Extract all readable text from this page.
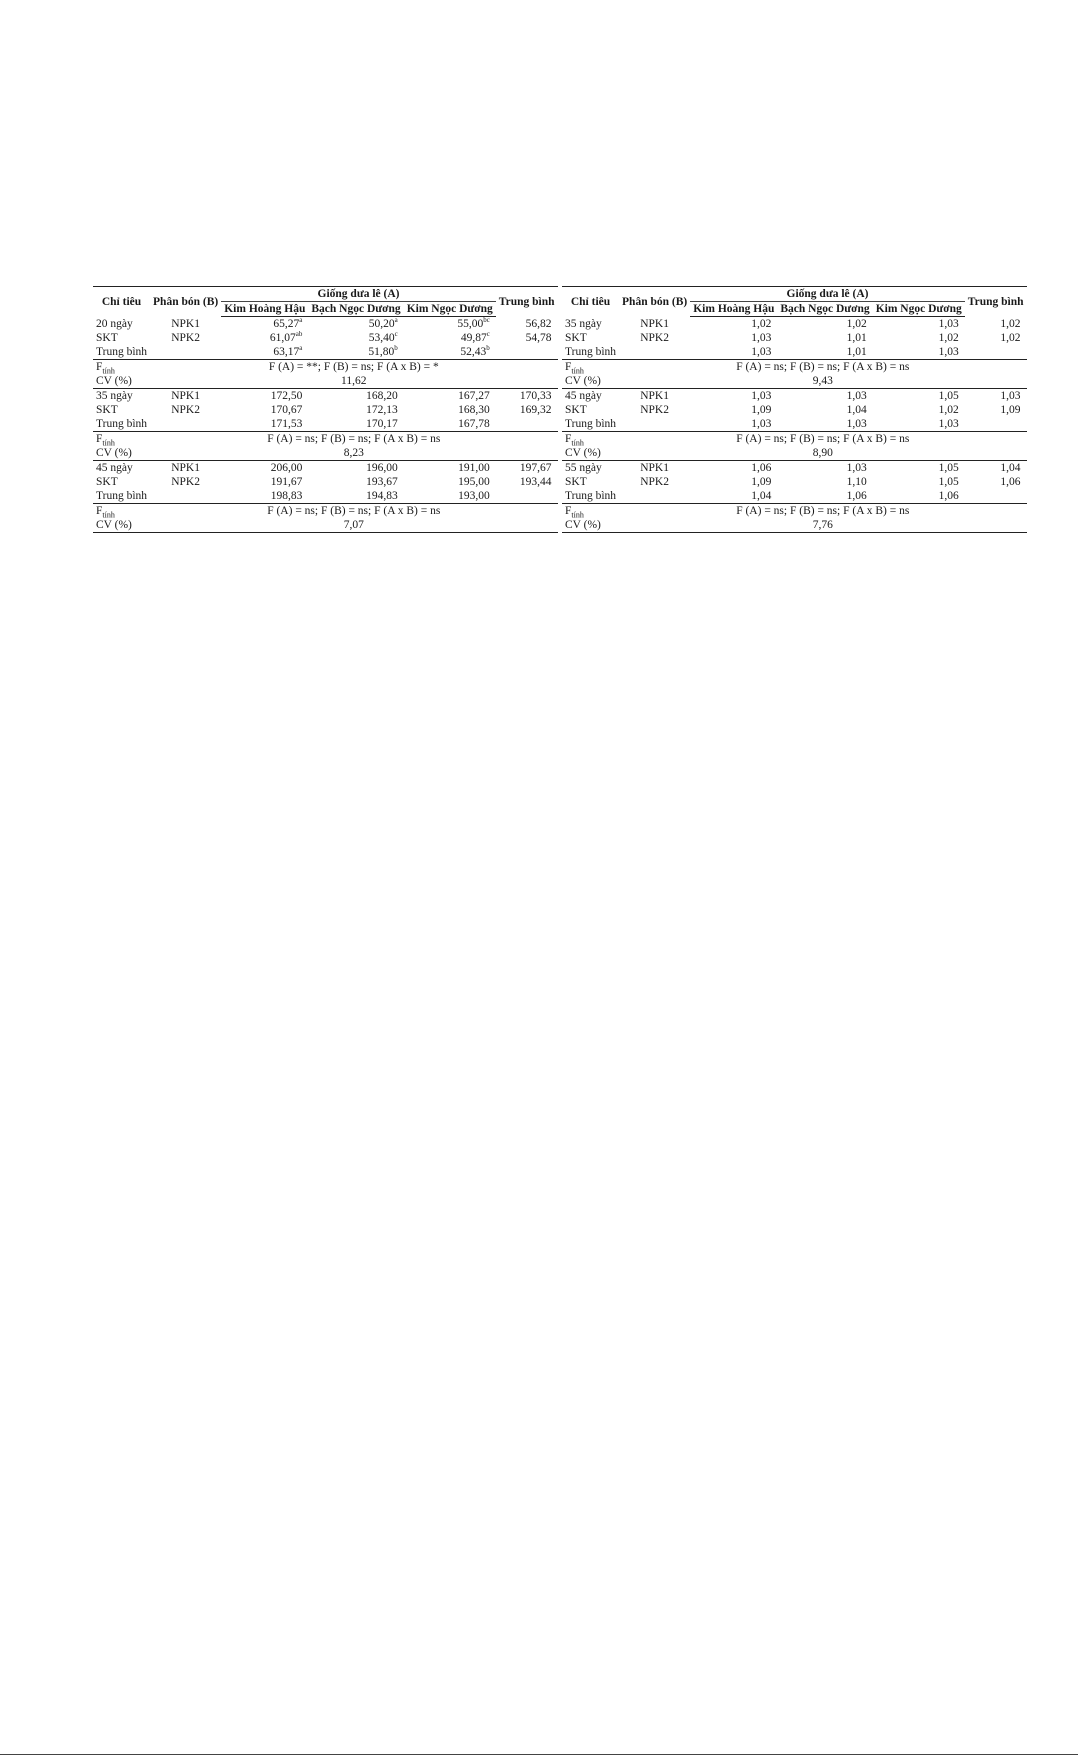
Chỉ tiêu	Phân bón (B)	Giống dưa lê (A)			Trung bình
		Kim Hoàng Hậu	Bạch Ngọc Dương	Kim Ngọc Dương	
20 ngày	NPK1	65,27$^a$	50,20$^a$	55,00$^{bc}$	56,82
SKT	NPK2	61,07$^{ab}$	53,40$^c$	49,87$^c$	54,78
Trung bình		63,17$^a$	51,80$^b$	52,43$^b$	
$F_{tính}$	F (A) = **; F (B) = ns; F (A x B) = *				
CV (%)	11,62				
35 ngày	NPK1	172,50	168,20	167,27	170,33
SKT	NPK2	170,67	172,13	168,30	169,32
Trung bình		171,53	170,17	167,78	
$F_{tính}$	F (A) = ns; F (B) = ns; F (A x B) = ns				
CV (%)	8,23				
45 ngày	NPK1	206,00	196,00	191,00	197,67
SKT	NPK2	191,67	193,67	195,00	193,44
Trung bình		198,83	194,83	193,00	
$F_{tính}$	F (A) = ns; F (B) = ns; F (A x B) = ns				
CV (%)	7,07				
Chỉ tiêu	Phân bón (B)	Giống dưa lê (A)			Trung bình
		Kim Hoàng Hậu	Bạch Ngọc Dương	Kim Ngọc Dương	
35 ngày	NPK1	1,02	1,02	1,03	1,02
SKT	NPK2	1,03	1,01	1,02	1,02
Trung bình		1,03	1,01	1,03	
$F_{tính}$	F (A) = ns; F (B) = ns; F (A x B) = ns				
CV (%)	9,43				
45 ngày	NPK1	1,03	1,03	1,05	1,03
SKT	NPK2	1,09	1,04	1,02	1,09
Trung bình		1,03	1,03	1,03	
$F_{tính}$	F (A) = ns; F (B) = ns; F (A x B) = ns				
CV (%)	8,90				
55 ngày	NPK1	1,06	1,03	1,05	1,04
SKT	NPK2	1,09	1,10	1,05	1,06
Trung bình		1,04	1,06	1,06	
$F_{tính}$	F (A) = ns; F (B) = ns; F (A x B) = ns				
CV (%)	7,76				
